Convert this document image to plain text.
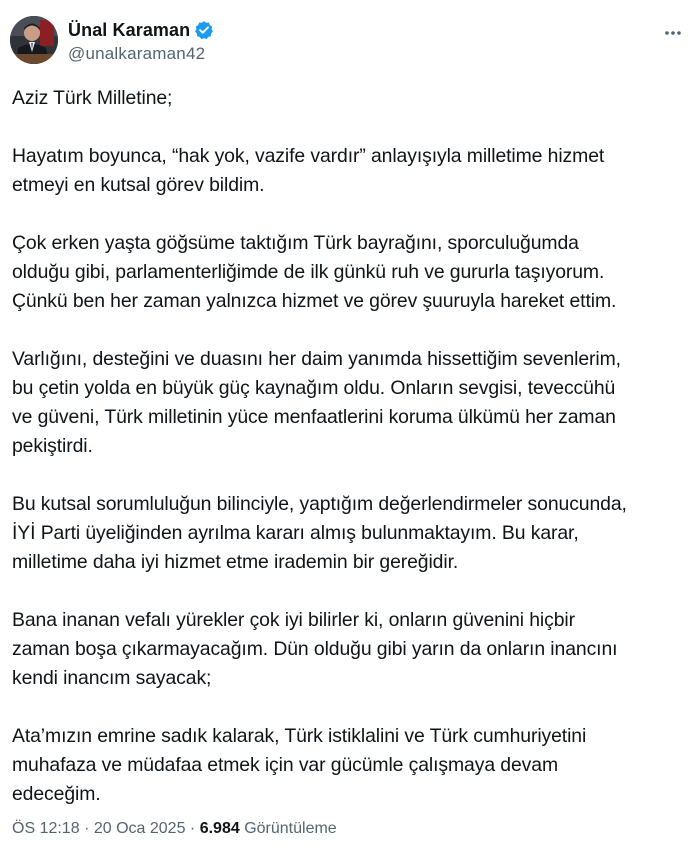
Ünal Karaman
@unalkaraman42

Aziz Türk Milletine;

Hayatım boyunca, “hak yok, vazife vardır” anlayışıyla milletime hizmet
etmeyi en kutsal görev bildim.

Çok erken yaşta göğsüme taktığım Türk bayrağını, sporculuğumda
olduğu gibi, parlamenterliğimde de ilk günkü ruh ve gururla taşıyorum.
Çünkü ben her zaman yalnızca hizmet ve görev şuuruyla hareket ettim.

Varlığını, desteğini ve duasını her daim yanımda hissettiğim sevenlerim,
bu çetin yolda en büyük güç kaynağım oldu. Onların sevgisi, teveccühü
ve güveni, Türk milletinin yüce menfaatlerini koruma ülkümü her zaman
pekiştirdi.

Bu kutsal sorumluluğun bilinciyle, yaptığım değerlendirmeler sonucunda,
İYİ Parti üyeliğinden ayrılma kararı almış bulunmaktayım. Bu karar,
milletime daha iyi hizmet etme irademin bir gereğidir.

Bana inanan vefalı yürekler çok iyi bilirler ki, onların güvenini hiçbir
zaman boşa çıkarmayacağım. Dün olduğu gibi yarın da onların inancını
kendi inancım sayacak;

Ata’mızın emrine sadık kalarak, Türk istiklalini ve Türk cumhuriyetini
muhafaza ve müdafaa etmek için var gücümle çalışmaya devam
edeceğim.

ÖS 12:18 · 20 Oca 2025 · 6.984 Görüntüleme
